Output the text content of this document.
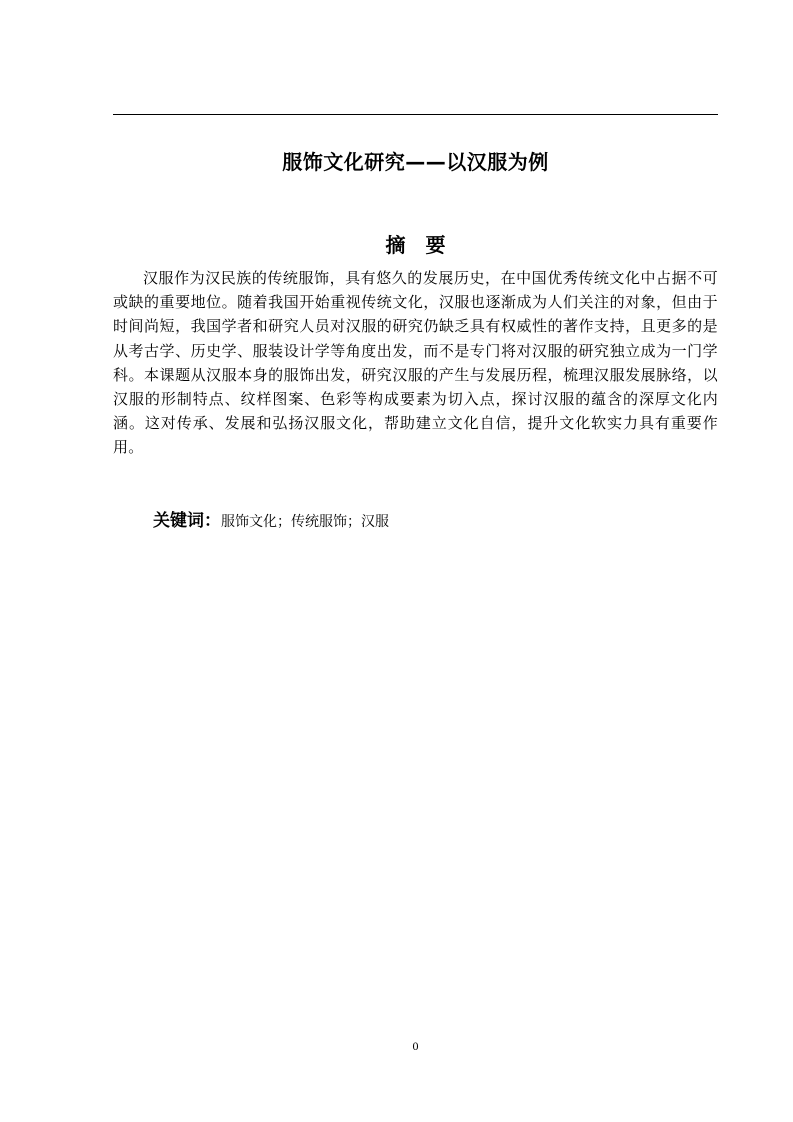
服饰文化研究——以汉服为例
摘要

汉服作为汉民族的传统服饰，具有悠久的发展历史，在中国优秀传统文化中占据不可或缺的重要地位。随着我国开始重视传统文化，汉服也逐渐成为人们关注的对象，但由于时间尚短，我国学者和研究人员对汉服的研究仍缺乏具有权威性的著作支持，且更多的是从考古学、历史学、服装设计学等角度出发，而不是专门将对汉服的研究独立成为一门学科。本课题从汉服本身的服饰出发，研究汉服的产生与发展历程，梳理汉服发展脉络，以汉服的形制特点、纹样图案、色彩等构成要素为切入点，探讨汉服的蕴含的深厚文化内涵。这对传承、发展和弘扬汉服文化，帮助建立文化自信，提升文化软实力具有重要作用。

关键词：服饰文化；传统服饰；汉服
0
